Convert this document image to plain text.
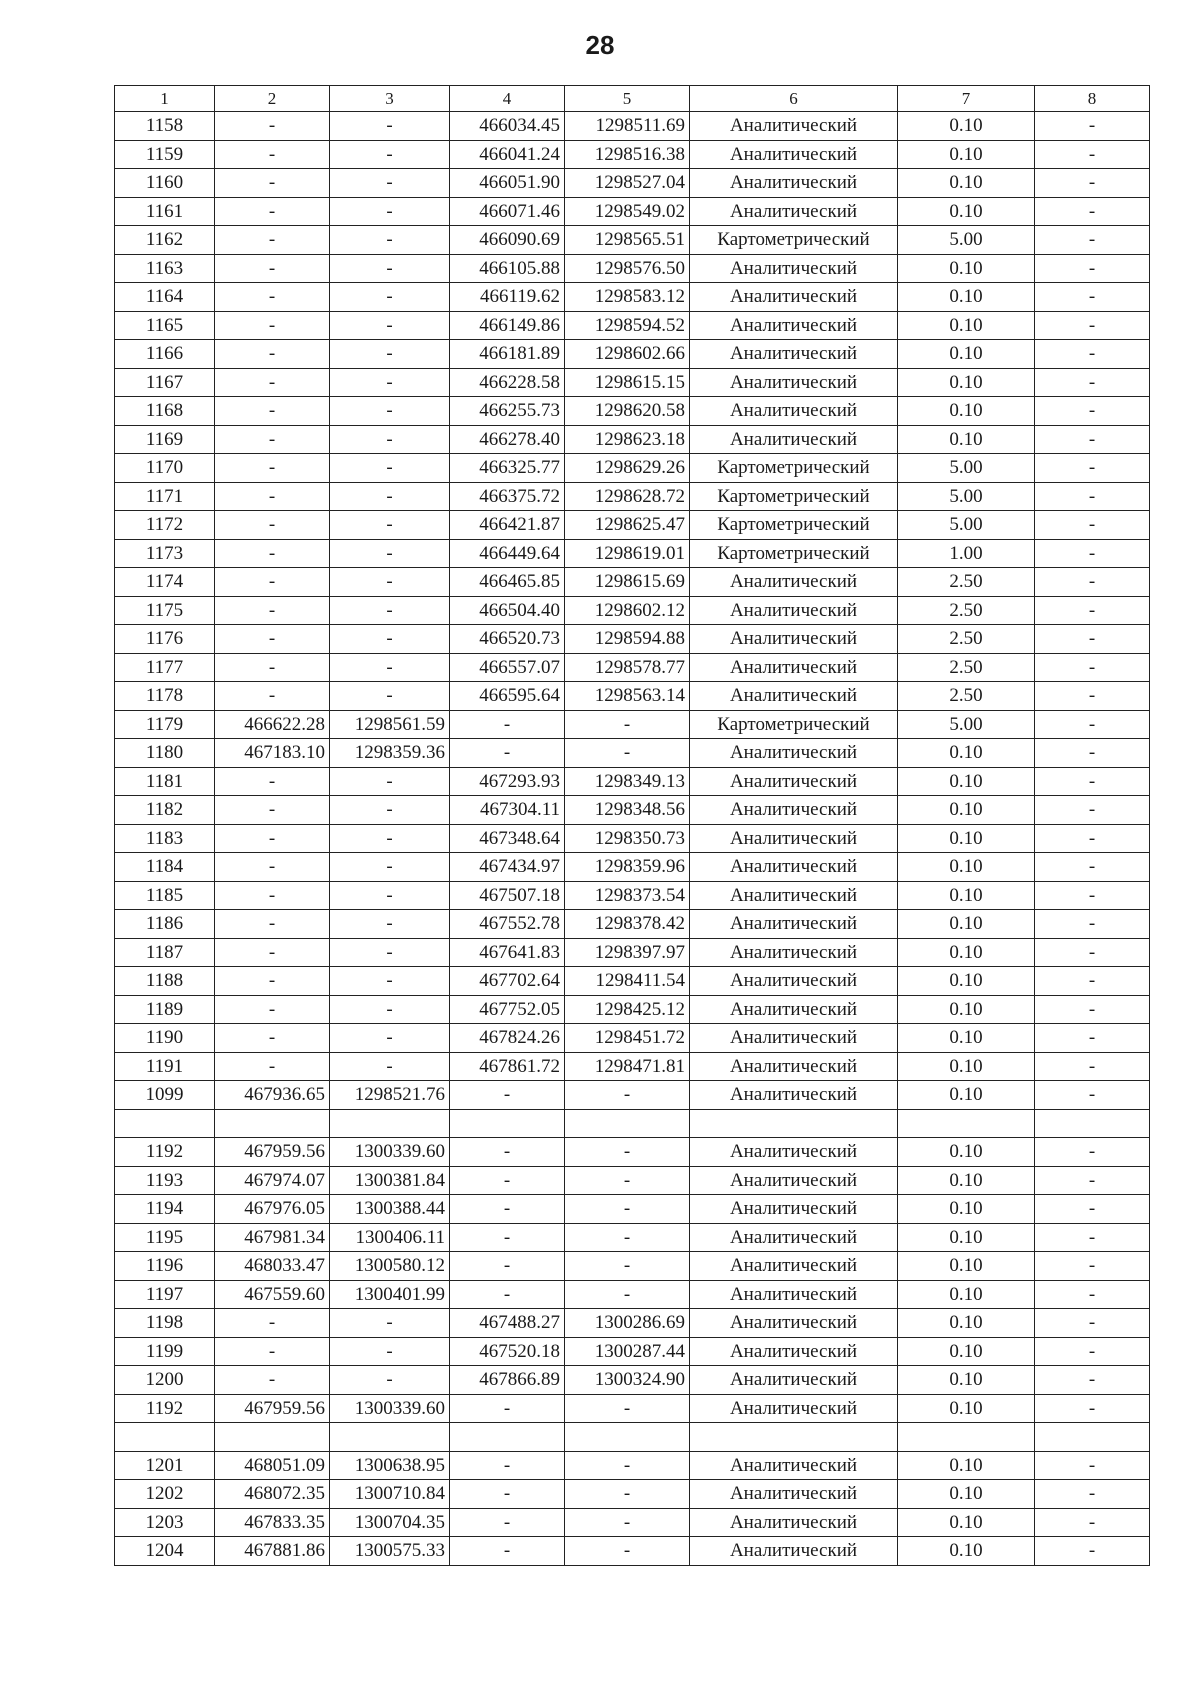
28
1	2	3	4	5	6	7	8
1158	-	-	466034.45	1298511.69	Аналитический	0.10	-
1159	-	-	466041.24	1298516.38	Аналитический	0.10	-
1160	-	-	466051.90	1298527.04	Аналитический	0.10	-
1161	-	-	466071.46	1298549.02	Аналитический	0.10	-
1162	-	-	466090.69	1298565.51	Картометрический	5.00	-
1163	-	-	466105.88	1298576.50	Аналитический	0.10	-
1164	-	-	466119.62	1298583.12	Аналитический	0.10	-
1165	-	-	466149.86	1298594.52	Аналитический	0.10	-
1166	-	-	466181.89	1298602.66	Аналитический	0.10	-
1167	-	-	466228.58	1298615.15	Аналитический	0.10	-
1168	-	-	466255.73	1298620.58	Аналитический	0.10	-
1169	-	-	466278.40	1298623.18	Аналитический	0.10	-
1170	-	-	466325.77	1298629.26	Картометрический	5.00	-
1171	-	-	466375.72	1298628.72	Картометрический	5.00	-
1172	-	-	466421.87	1298625.47	Картометрический	5.00	-
1173	-	-	466449.64	1298619.01	Картометрический	1.00	-
1174	-	-	466465.85	1298615.69	Аналитический	2.50	-
1175	-	-	466504.40	1298602.12	Аналитический	2.50	-
1176	-	-	466520.73	1298594.88	Аналитический	2.50	-
1177	-	-	466557.07	1298578.77	Аналитический	2.50	-
1178	-	-	466595.64	1298563.14	Аналитический	2.50	-
1179	466622.28	1298561.59	-	-	Картометрический	5.00	-
1180	467183.10	1298359.36	-	-	Аналитический	0.10	-
1181	-	-	467293.93	1298349.13	Аналитический	0.10	-
1182	-	-	467304.11	1298348.56	Аналитический	0.10	-
1183	-	-	467348.64	1298350.73	Аналитический	0.10	-
1184	-	-	467434.97	1298359.96	Аналитический	0.10	-
1185	-	-	467507.18	1298373.54	Аналитический	0.10	-
1186	-	-	467552.78	1298378.42	Аналитический	0.10	-
1187	-	-	467641.83	1298397.97	Аналитический	0.10	-
1188	-	-	467702.64	1298411.54	Аналитический	0.10	-
1189	-	-	467752.05	1298425.12	Аналитический	0.10	-
1190	-	-	467824.26	1298451.72	Аналитический	0.10	-
1191	-	-	467861.72	1298471.81	Аналитический	0.10	-
1099	467936.65	1298521.76	-	-	Аналитический	0.10	-

1192	467959.56	1300339.60	-	-	Аналитический	0.10	-
1193	467974.07	1300381.84	-	-	Аналитический	0.10	-
1194	467976.05	1300388.44	-	-	Аналитический	0.10	-
1195	467981.34	1300406.11	-	-	Аналитический	0.10	-
1196	468033.47	1300580.12	-	-	Аналитический	0.10	-
1197	467559.60	1300401.99	-	-	Аналитический	0.10	-
1198	-	-	467488.27	1300286.69	Аналитический	0.10	-
1199	-	-	467520.18	1300287.44	Аналитический	0.10	-
1200	-	-	467866.89	1300324.90	Аналитический	0.10	-
1192	467959.56	1300339.60	-	-	Аналитический	0.10	-

1201	468051.09	1300638.95	-	-	Аналитический	0.10	-
1202	468072.35	1300710.84	-	-	Аналитический	0.10	-
1203	467833.35	1300704.35	-	-	Аналитический	0.10	-
1204	467881.86	1300575.33	-	-	Аналитический	0.10	-
